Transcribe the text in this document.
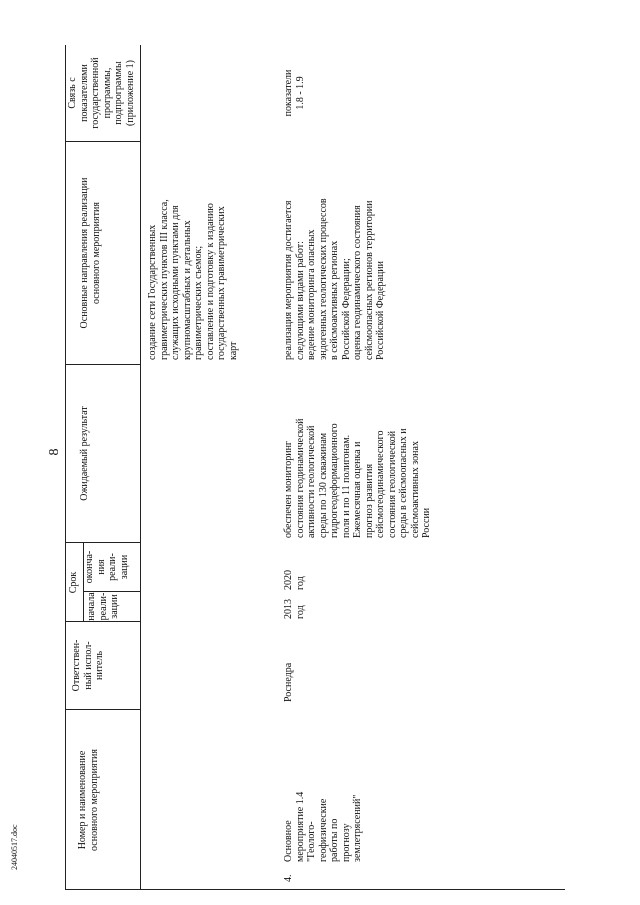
8
24040517.doc	Номер и наименование
основного мероприятия
Ответствен-
ный испол-
нитель
Срок
начала
реали-
зации
оконча-
ния
реали-
зации
Ожидаемый результат
Основные направления реализации
основного мероприятия
Связь с
показателями
государственной
программы,
подпрограммы
(приложение 1)
создание сети Государственных
гравиметрических пунктов III класса,
служащих исходными пунктами для
крупномасштабных и детальных
гравиметрических съемок;
составление и подготовку к изданию
государственных гравиметрических
карт
4.
Основное
мероприятие 1.4
"Геолого-
геофизические
работы по
прогнозу
землетрясений"
Роснедра
2013
год
2020
год
обеспечен мониторинг
состояния геодинамической
активности геологической
среды по 130 скважинам
гидрогеодеформационного
поля и по 11 полигонам.
Ежемесячная оценка и
прогноз развития
сейсмогеодинамического
состояния геологической
среды в сейсмоопасных и
сейсмоактивных зонах
России
реализация мероприятия достигается
следующими видами работ:
ведение мониторинга опасных
эндогенных геологических процессов
в сейсмоактивных регионах
Российской Федерации;
оценка геодинамического состояния
сейсмоопасных регионов территории
Российской Федерации
показатели
1.8 - 1.9
